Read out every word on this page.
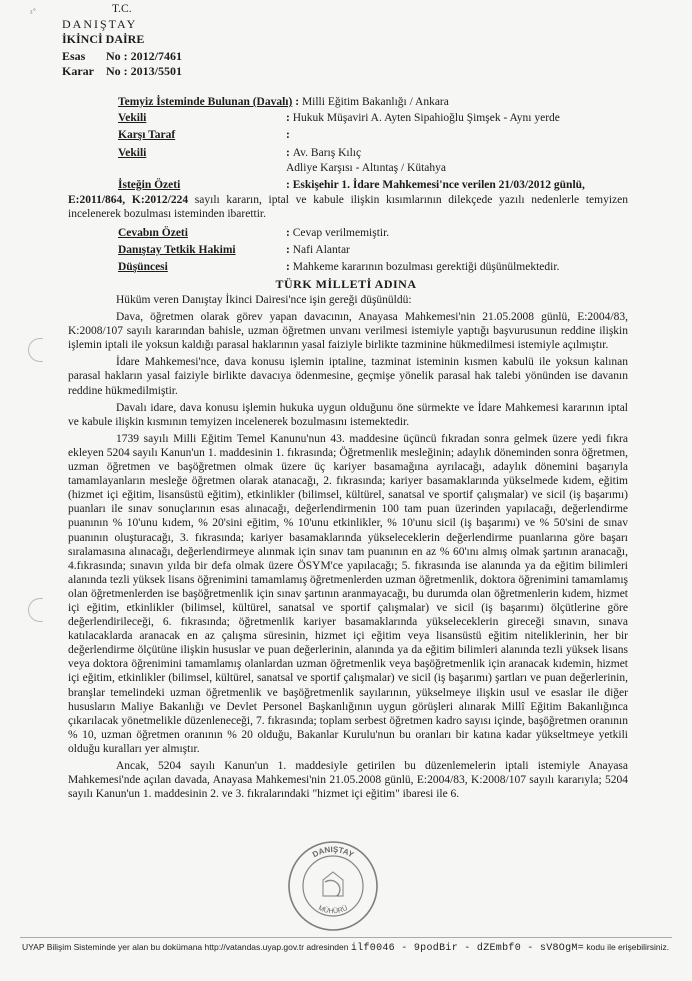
ᶻ˚	T.C.
DANIŞTAY
İKİNCİ DAİRE
Esas No : 2012/7461
Karar No : 2013/5501
Temyiz İsteminde Bulunan (Davalı) : Milli Eğitim Bakanlığı / Ankara
Vekili	: Hukuk Müşaviri A. Ayten Sipahioğlu Şimşek - Aynı yerde
Karşı Taraf	:
Vekili	: Av. Barış Kılıç
Adliye Karşısı - Altıntaş / Kütahya
İsteğin Özeti	: Eskişehir 1. İdare Mahkemesi'nce verilen 21/03/2012 günlü,
E:2011/864, K:2012/224 sayılı kararın, iptal ve kabule ilişkin kısımlarının dilekçede yazılı nedenlerle temyizen incelenerek bozulması isteminden ibarettir.
Cevabın Özeti	: Cevap verilmemiştir.
Danıştay Tetkik Hakimi	: Nafi Alantar
Düşüncesi	: Mahkeme kararının bozulması gerektiği düşünülmektedir.
TÜRK MİLLETİ ADINA

Hüküm veren Danıştay İkinci Dairesi'nce işin gereği düşünüldü:

Dava, öğretmen olarak görev yapan davacının, Anayasa Mahkemesi'nin 21.05.2008 günlü, E:2004/83, K:2008/107 sayılı kararından bahisle, uzman öğretmen unvanı verilmesi istemiyle yaptığı başvurusunun reddine ilişkin işlemin iptali ile yoksun kaldığı parasal haklarının yasal faiziyle birlikte tazminine hükmedilmesi istemiyle açılmıştır.

İdare Mahkemesi'nce, dava konusu işlemin iptaline, tazminat isteminin kısmen kabulü ile yoksun kalınan parasal hakların yasal faiziyle birlikte davacıya ödenmesine, geçmişe yönelik parasal hak talebi yönünden ise davanın reddine hükmedilmiştir.

Davalı idare, dava konusu işlemin hukuka uygun olduğunu öne sürmekte ve İdare Mahkemesi kararının iptal ve kabule ilişkin kısmının temyizen incelenerek bozulmasını istemektedir.

1739 sayılı Milli Eğitim Temel Kanunu'nun 43. maddesine üçüncü fıkradan sonra gelmek üzere yedi fıkra ekleyen 5204 sayılı Kanun'un 1. maddesinin 1. fıkrasında; Öğretmenlik mesleğinin; adaylık döneminden sonra öğretmen, uzman öğretmen ve başöğretmen olmak üzere üç kariyer basamağına ayrılacağı, adaylık dönemini başarıyla tamamlayanların mesleğe öğretmen olarak atanacağı, 2. fıkrasında; kariyer basamaklarında yükselmede kıdem, eğitim (hizmet içi eğitim, lisansüstü eğitim), etkinlikler (bilimsel, kültürel, sanatsal ve sportif çalışmalar) ve sicil (iş başarımı) puanları ile sınav sonuçlarının esas alınacağı, değerlendirmenin 100 tam puan üzerinden yapılacağı, değerlendirme puanının % 10'unu kıdem, % 20'sini eğitim, % 10'unu etkinlikler, % 10'unu sicil (iş başarımı) ve % 50'sini de sınav puanının oluşturacağı, 3. fıkrasında; kariyer basamaklarında yükseleceklerin değerlendirme puanlarına göre başarı sıralamasına alınacağı, değerlendirmeye alınmak için sınav tam puanının en az % 60'ını almış olmak şartının aranacağı, 4.fıkrasında; sınavın yılda bir defa olmak üzere ÖSYM'ce yapılacağı; 5. fıkrasında ise alanında ya da eğitim bilimleri alanında tezli yüksek lisans öğrenimini tamamlamış öğretmenlerden uzman öğretmenlik, doktora öğrenimini tamamlamış olan öğretmenlerden ise başöğretmenlik için sınav şartının aranmayacağı, bu durumda olan öğretmenlerin kıdem, hizmet içi eğitim, etkinlikler (bilimsel, kültürel, sanatsal ve sportif çalışmalar) ve sicil (iş başarımı) ölçütlerine göre değerlendirileceği, 6. fıkrasında; öğretmenlik kariyer basamaklarında yükseleceklerin gireceği sınavın, sınava katılacaklarda aranacak en az çalışma süresinin, hizmet içi eğitim veya lisansüstü eğitim niteliklerinin, her bir değerlendirme ölçütüne ilişkin hususlar ve puan değerlerinin, alanında ya da eğitim bilimleri alanında tezli yüksek lisans veya doktora öğrenimini tamamlamış olanlardan uzman öğretmenlik veya başöğretmenlik için aranacak kıdemin, hizmet içi eğitim, etkinlikler (bilimsel, kültürel, sanatsal ve sportif çalışmalar) ve sicil (iş başarımı) şartları ve puan değerlerinin, branşlar temelindeki uzman öğretmenlik ve başöğretmenlik sayılarının, yükselmeye ilişkin usul ve esaslar ile diğer hususların Maliye Bakanlığı ve Devlet Personel Başkanlığının uygun görüşleri alınarak Millî Eğitim Bakanlığınca çıkarılacak yönetmelikle düzenleneceği, 7. fıkrasında; toplam serbest öğretmen kadro sayısı içinde, başöğretmen oranının % 10, uzman öğretmen oranının % 20 olduğu, Bakanlar Kurulu'nun bu oranları bir katına kadar yükseltmeye yetkili olduğu kuralları yer almıştır.

Ancak, 5204 sayılı Kanun'un 1. maddesiyle getirilen bu düzenlemelerin iptali istemiyle Anayasa Mahkemesi'nde açılan davada, Anayasa Mahkemesi'nin 21.05.2008 günlü, E:2004/83, K:2008/107 sayılı kararıyla; 5204 sayılı Kanun'un 1. maddesinin 2. ve 3. fıkralarındaki "hizmet içi eğitim" ibaresi ile 6.

DANIŞTAY
MÜHÜRÜ
UYAP Bilişim Sisteminde yer alan bu dokümana http://vatandas.uyap.gov.tr adresinden ilf0046 - 9podBir - dZEmbf0 - sV8OgM= kodu ile erişebilirsiniz.
